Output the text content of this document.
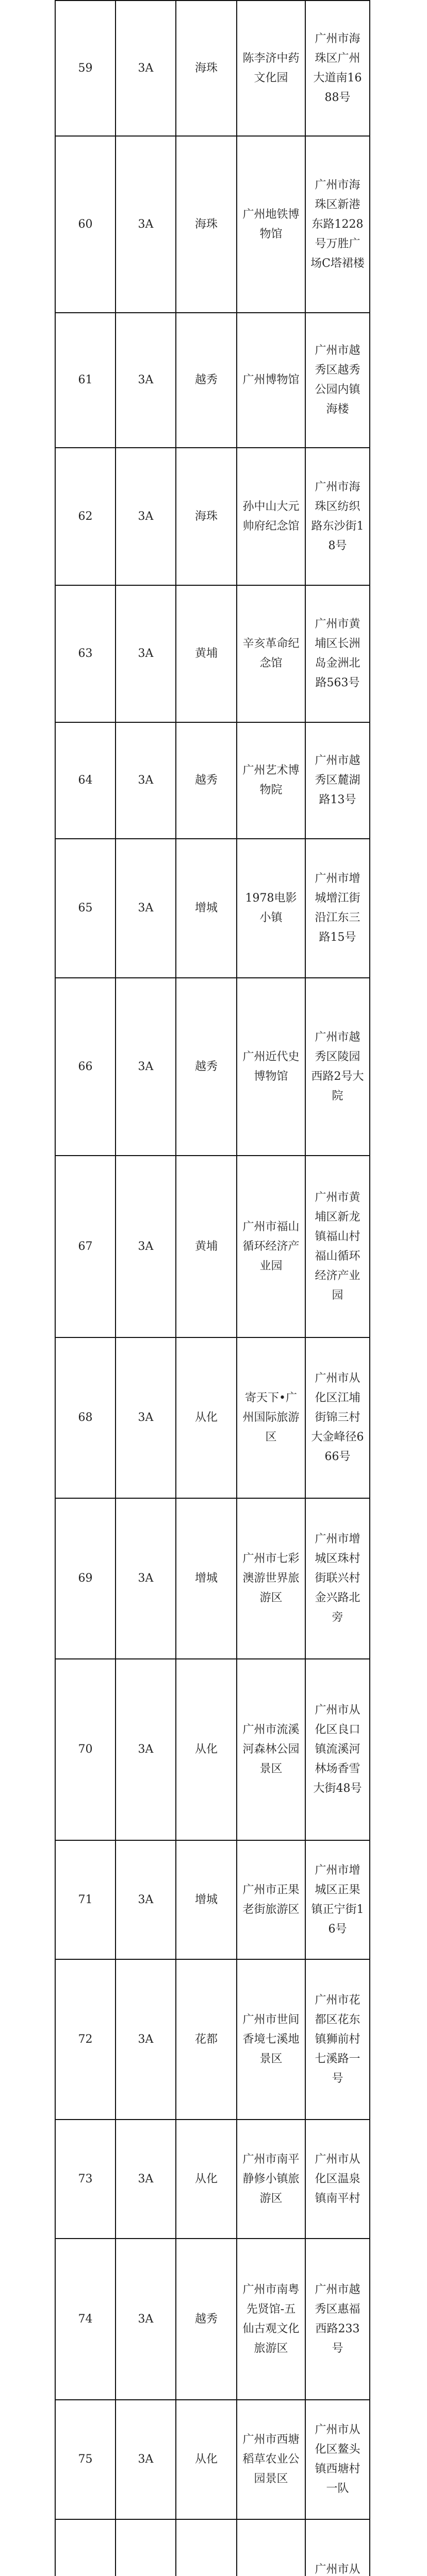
59	3A	海珠	陈李济中药文化园	广州市海珠区广州大道南1688号
60	3A	海珠	广州地铁博物馆	广州市海珠区新港东路1228号万胜广场C塔裙楼
61	3A	越秀	广州博物馆	广州市越秀区越秀公园内镇海楼
62	3A	海珠	孙中山大元帅府纪念馆	广州市海珠区纺织路东沙街18号
63	3A	黄埔	辛亥革命纪念馆	广州市黄埔区长洲岛金洲北路563号
64	3A	越秀	广州艺术博物院	广州市越秀区麓湖路13号
65	3A	增城	1978电影小镇	广州市增城增江街沿江东三路15号
66	3A	越秀	广州近代史博物馆	广州市越秀区陵园西路2号大院
67	3A	黄埔	广州市福山循环经济产业园	广州市黄埔区新龙镇福山村福山循环经济产业园
68	3A	从化	寄天下•广州国际旅游区	广州市从化区江埔街锦三村大金峰径666号
69	3A	增城	广州市七彩澳游世界旅游区	广州市增城区珠村街联兴村金兴路北旁
70	3A	从化	广州市流溪河森林公园景区	广州市从化区良口镇流溪河林场香雪大街48号
71	3A	增城	广州市正果老街旅游区	广州市增城区正果镇正宁街16号
72	3A	花都	广州市世间香境七溪地景区	广州市花都区花东镇狮前村七溪路一号
73	3A	从化	广州市南平静修小镇旅游区	广州市从化区温泉镇南平村
74	3A	越秀	广州市南粤先贤馆-五仙古观文化旅游区	广州市越秀区惠福西路233号
75	3A	从化	广州市西塘稻草农业公园景区	广州市从化区鳌头镇西塘村一队
				广州市从
